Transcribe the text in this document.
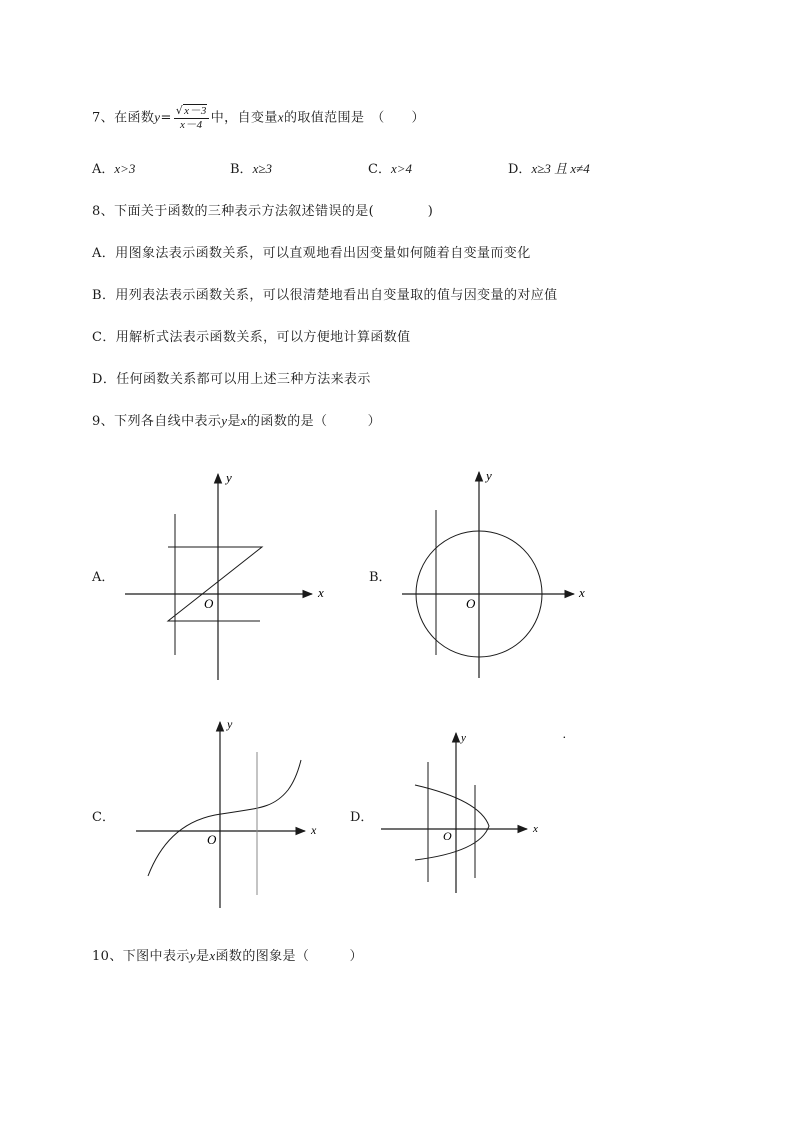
7、在函数$y= \frac{√x-3}{x-4}$ 中，自变量x的取值范围是　（　　）
A．x>3	B．x≥3	C．x>4	D．x≥3 且 x≠4
8、下面关于函数的三种表示方法叙述错误的是(　　　　)
A．用图象法表示函数关系，可以直观地看出因变量如何随着自变量而变化
B．用列表法表示函数关系，可以很清楚地看出自变量取的值与因变量的对应值
C．用解析式法表示函数关系，可以方便地计算函数值
D．任何函数关系都可以用上述三种方法来表示
9、下列各自线中表示y是x的函数的是（　　　）
A．
x
y
O
B．
x
y
O
C．
x
y
O
D．
x
y
O
.
10、下图中表示y是x函数的图象是（　　　）
